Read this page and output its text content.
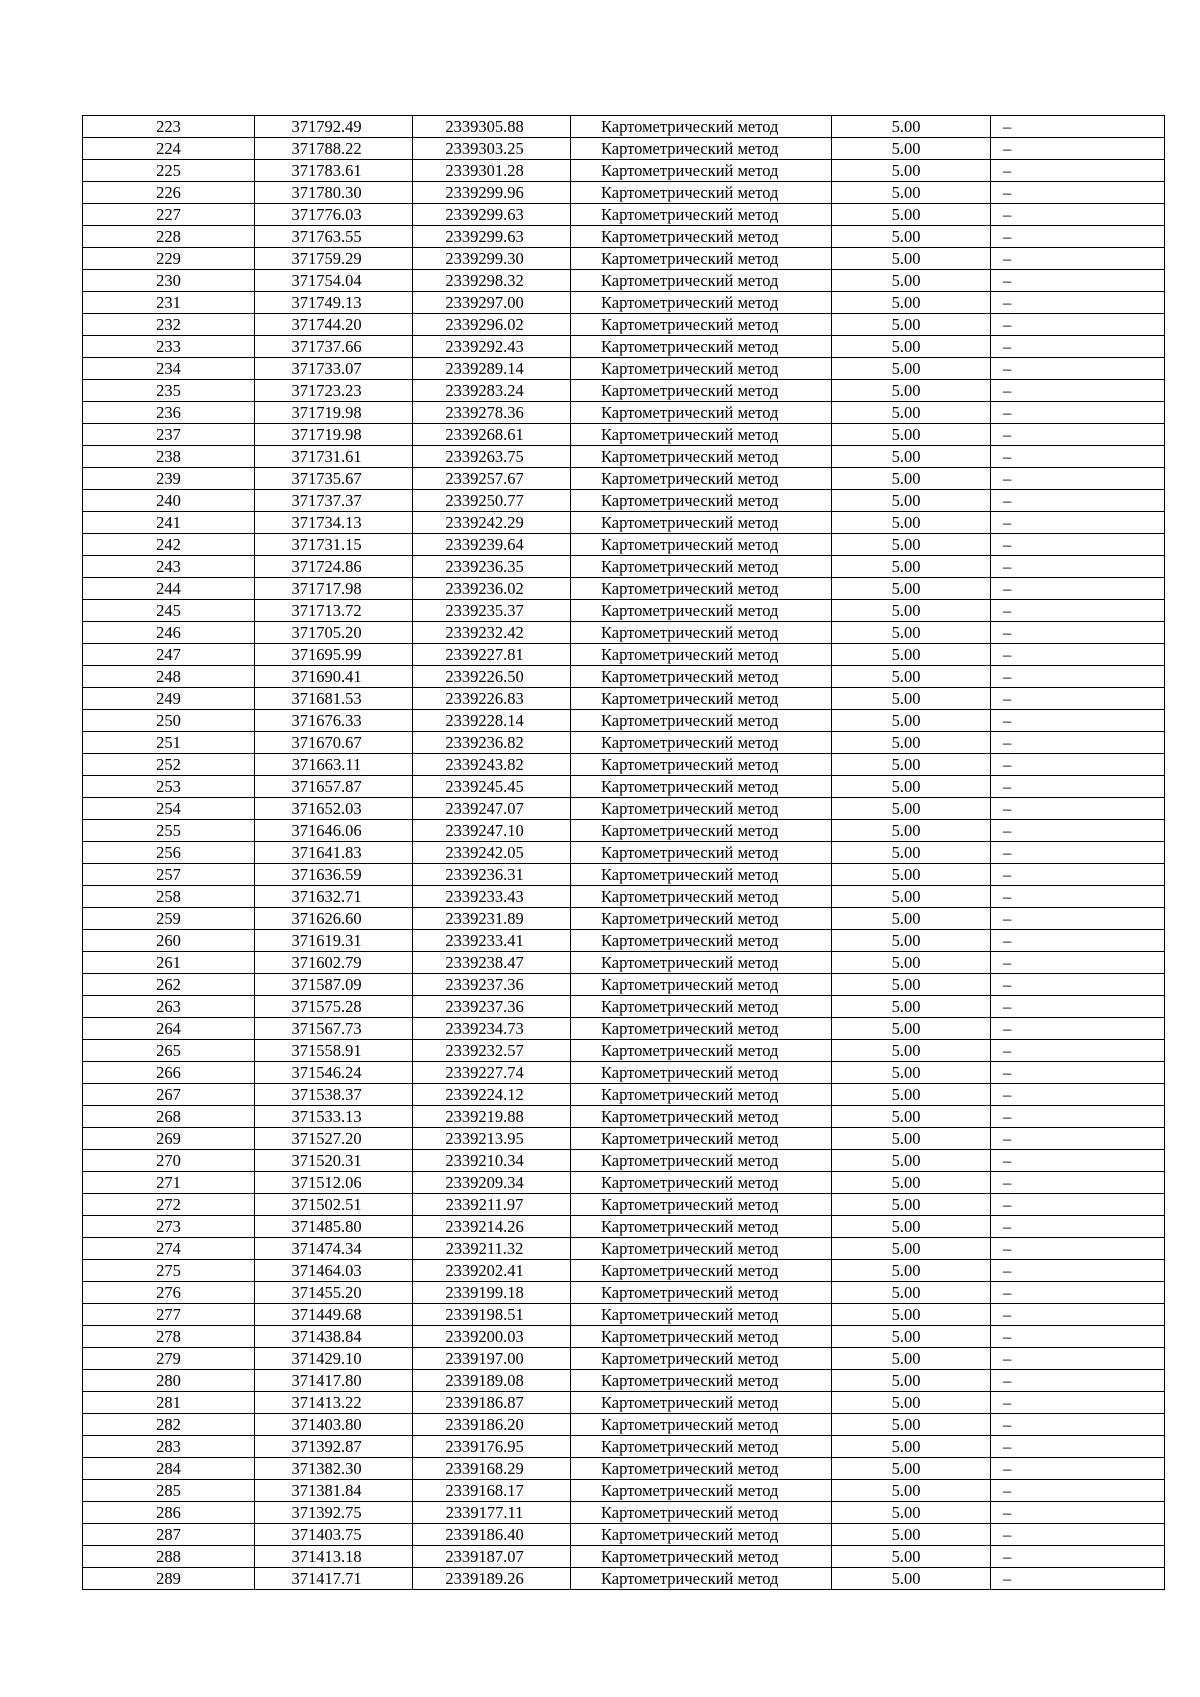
223	371792.49	2339305.88	Картометрический метод	5.00	–
224	371788.22	2339303.25	Картометрический метод	5.00	–
225	371783.61	2339301.28	Картометрический метод	5.00	–
226	371780.30	2339299.96	Картометрический метод	5.00	–
227	371776.03	2339299.63	Картометрический метод	5.00	–
228	371763.55	2339299.63	Картометрический метод	5.00	–
229	371759.29	2339299.30	Картометрический метод	5.00	–
230	371754.04	2339298.32	Картометрический метод	5.00	–
231	371749.13	2339297.00	Картометрический метод	5.00	–
232	371744.20	2339296.02	Картометрический метод	5.00	–
233	371737.66	2339292.43	Картометрический метод	5.00	–
234	371733.07	2339289.14	Картометрический метод	5.00	–
235	371723.23	2339283.24	Картометрический метод	5.00	–
236	371719.98	2339278.36	Картометрический метод	5.00	–
237	371719.98	2339268.61	Картометрический метод	5.00	–
238	371731.61	2339263.75	Картометрический метод	5.00	–
239	371735.67	2339257.67	Картометрический метод	5.00	–
240	371737.37	2339250.77	Картометрический метод	5.00	–
241	371734.13	2339242.29	Картометрический метод	5.00	–
242	371731.15	2339239.64	Картометрический метод	5.00	–
243	371724.86	2339236.35	Картометрический метод	5.00	–
244	371717.98	2339236.02	Картометрический метод	5.00	–
245	371713.72	2339235.37	Картометрический метод	5.00	–
246	371705.20	2339232.42	Картометрический метод	5.00	–
247	371695.99	2339227.81	Картометрический метод	5.00	–
248	371690.41	2339226.50	Картометрический метод	5.00	–
249	371681.53	2339226.83	Картометрический метод	5.00	–
250	371676.33	2339228.14	Картометрический метод	5.00	–
251	371670.67	2339236.82	Картометрический метод	5.00	–
252	371663.11	2339243.82	Картометрический метод	5.00	–
253	371657.87	2339245.45	Картометрический метод	5.00	–
254	371652.03	2339247.07	Картометрический метод	5.00	–
255	371646.06	2339247.10	Картометрический метод	5.00	–
256	371641.83	2339242.05	Картометрический метод	5.00	–
257	371636.59	2339236.31	Картометрический метод	5.00	–
258	371632.71	2339233.43	Картометрический метод	5.00	–
259	371626.60	2339231.89	Картометрический метод	5.00	–
260	371619.31	2339233.41	Картометрический метод	5.00	–
261	371602.79	2339238.47	Картометрический метод	5.00	–
262	371587.09	2339237.36	Картометрический метод	5.00	–
263	371575.28	2339237.36	Картометрический метод	5.00	–
264	371567.73	2339234.73	Картометрический метод	5.00	–
265	371558.91	2339232.57	Картометрический метод	5.00	–
266	371546.24	2339227.74	Картометрический метод	5.00	–
267	371538.37	2339224.12	Картометрический метод	5.00	–
268	371533.13	2339219.88	Картометрический метод	5.00	–
269	371527.20	2339213.95	Картометрический метод	5.00	–
270	371520.31	2339210.34	Картометрический метод	5.00	–
271	371512.06	2339209.34	Картометрический метод	5.00	–
272	371502.51	2339211.97	Картометрический метод	5.00	–
273	371485.80	2339214.26	Картометрический метод	5.00	–
274	371474.34	2339211.32	Картометрический метод	5.00	–
275	371464.03	2339202.41	Картометрический метод	5.00	–
276	371455.20	2339199.18	Картометрический метод	5.00	–
277	371449.68	2339198.51	Картометрический метод	5.00	–
278	371438.84	2339200.03	Картометрический метод	5.00	–
279	371429.10	2339197.00	Картометрический метод	5.00	–
280	371417.80	2339189.08	Картометрический метод	5.00	–
281	371413.22	2339186.87	Картометрический метод	5.00	–
282	371403.80	2339186.20	Картометрический метод	5.00	–
283	371392.87	2339176.95	Картометрический метод	5.00	–
284	371382.30	2339168.29	Картометрический метод	5.00	–
285	371381.84	2339168.17	Картометрический метод	5.00	–
286	371392.75	2339177.11	Картометрический метод	5.00	–
287	371403.75	2339186.40	Картометрический метод	5.00	–
288	371413.18	2339187.07	Картометрический метод	5.00	–
289	371417.71	2339189.26	Картометрический метод	5.00	–
